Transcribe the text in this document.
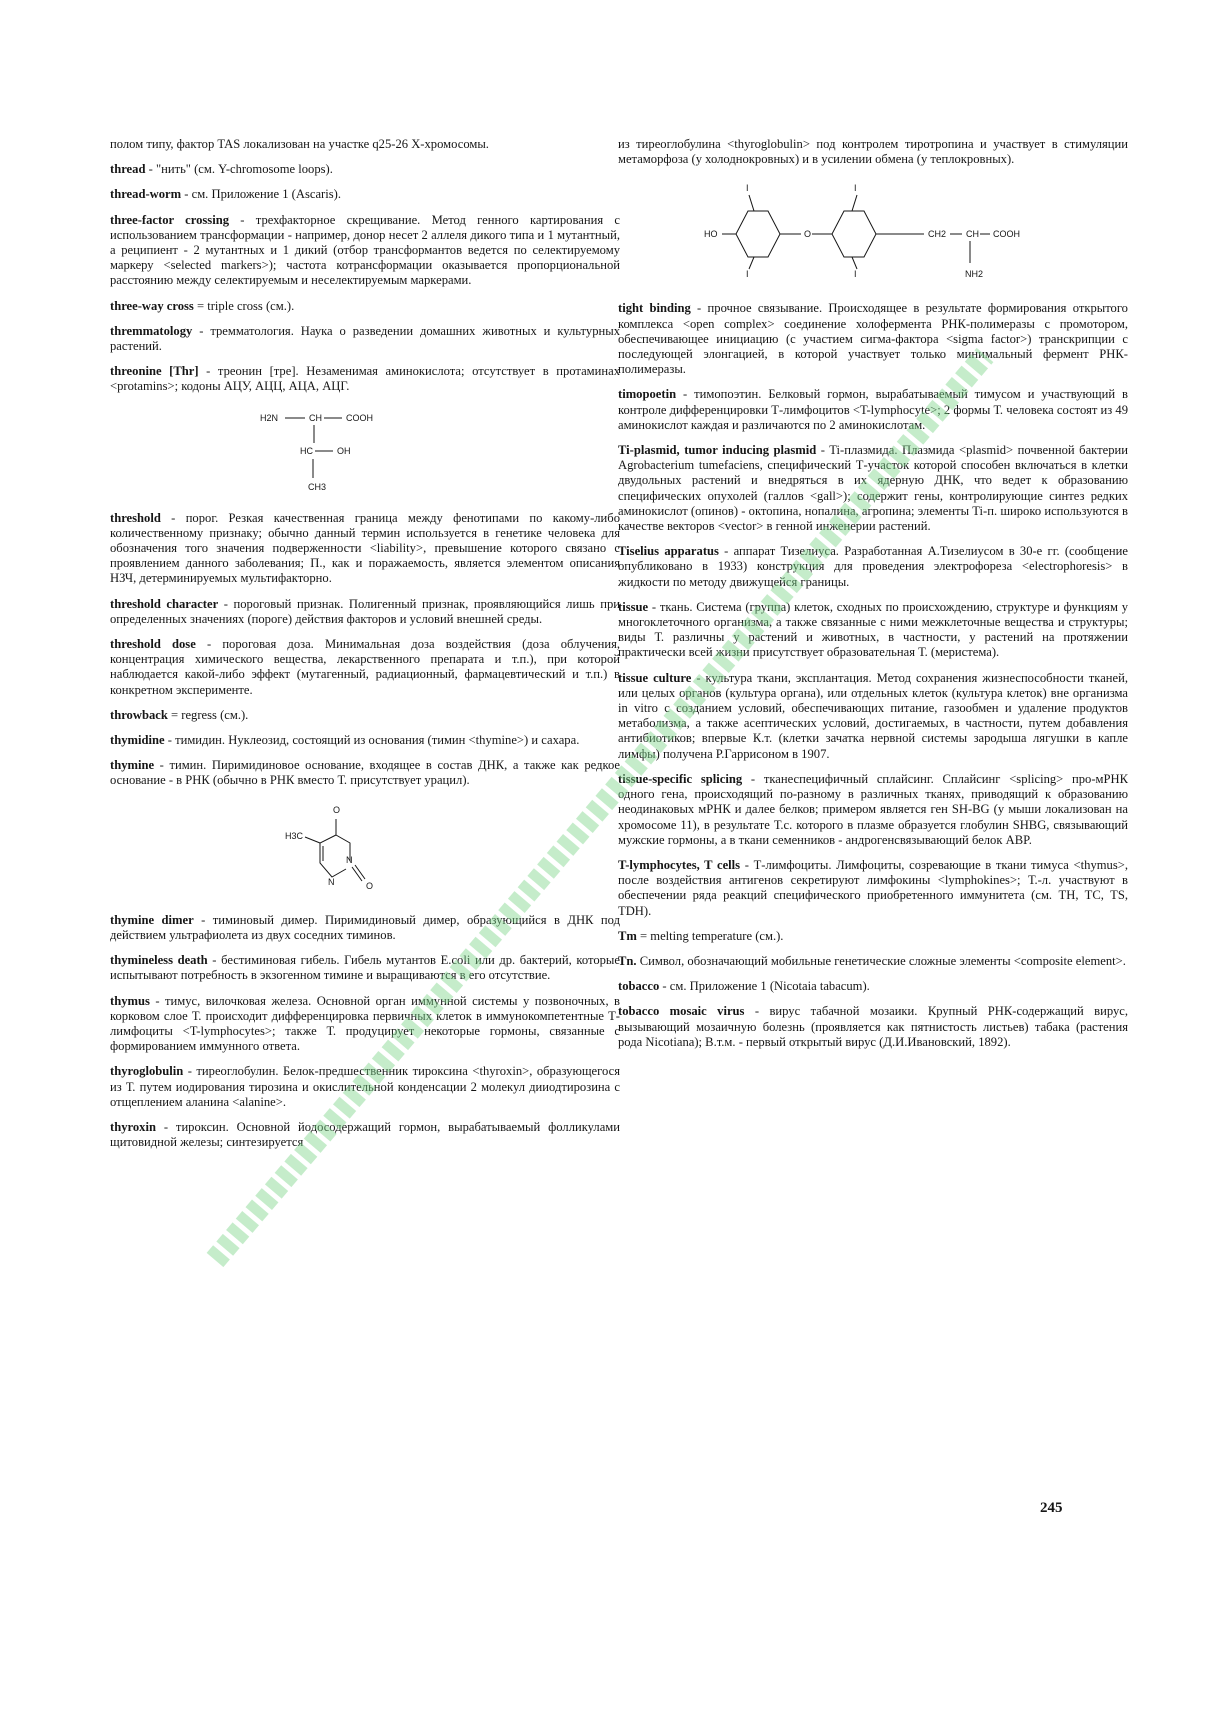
полом типу, фактор TAS локализован на участке q25-26 X-хромосомы.

thread - "нить" (см. Y-chromosome loops).

thread-worm - см. Приложение 1 (Ascaris).

three-factor crossing - трехфакторное скрещивание. Метод генного картирования с использованием трансформации - например, донор несет 2 аллеля дикого типа и 1 мутантный, а реципиент - 2 мутантных и 1 дикий (отбор трансформантов ведется по селектируемому маркеру <selected markers>); частота котрансформации оказывается пропорциональной расстоянию между селектируемым и неселектируемым маркерами.

three-way cross = triple cross (см.).

thremmatology - тремматология. Наука о разведении домашних животных и культурных растений.

threonine [Thr] - треонин [тре]. Незаменимая аминокислота; отсутствует в протаминах <protamins>; кодоны АЦУ, АЦЦ, АЦА, АЦГ.

H2N	CH	COOH
HC	OH
CH3

threshold - порог. Резкая качественная граница между фенотипами по какому-либо количественному признаку; обычно данный термин используется в генетике человека для обозначения того значения подверженности <liability>, превышение которого связано с проявлением данного заболевания; П., как и поражаемость, является элементом описания НЗЧ, детерминируемых мультифакторно.

threshold character - пороговый признак. Полигенный признак, проявляющийся лишь при определенных значениях (пороге) действия факторов и условий внешней среды.

threshold dose - пороговая доза. Минимальная доза воздействия (доза облучения, концентрация химического вещества, лекарственного препарата и т.п.), при которой наблюдается какой-либо эффект (мутагенный, радиационный, фармацевтический и т.п.) в конкретном эксперименте.

throwback = regress (см.).

thymidine - тимидин. Нуклеозид, состоящий из основания (тимин <thymine>) и сахара.

thymine - тимин. Пиримидиновое основание, входящее в состав ДНК, а также как редкое основание - в РНК (обычно в РНК вместо Т. присутствует урацил).

H3C
O
N
N	O

thymine dimer - тиминовый димер. Пиримидиновый димер, образующийся в ДНК под действием ультрафиолета из двух соседних тиминов.

thymineless death - бестиминовая гибель. Гибель мутантов E.coli или др. бактерий, которые испытывают потребность в экзогенном тимине и выращиваются в его отсутствие.

thymus - тимус, вилочковая железа. Основной орган иммунной системы у позвоночных, в корковом слое Т. происходит дифференцировка первичных клеток в иммунокомпетентные Т-лимфоциты <T-lymphocytes>; также Т. продуцирует некоторые гормоны, связанные с формированием иммунного ответа.

thyroglobulin - тиреоглобулин. Белок-предшественник тироксина <thyroxin>, образующегося из Т. путем иодирования тирозина и окислительной конденсации 2 молекул дииодтирозина с отщеплением аланина <alanine>.

thyroxin - тироксин. Основной йодосодержащий гормон, вырабатываемый фолликулами щитовидной железы; синтезируется

из тиреоглобулина <thyroglobulin> под контролем тиротропина и участвует в стимуляции метаморфоза (у холоднокровных) и в усилении обмена (у теплокровных).

HO
I
I
O
I
I
CH2 CH COOH
NH2

tight binding - прочное связывание. Происходящее в результате формирования открытого комплекса <open complex> соединение холофермента РНК-полимеразы с промотором, обеспечивающее инициацию (с участием сигма-фактора <sigma factor>) транскрипции с последующей элонгацией, в которой участвует только минимальный фермент РНК-полимеразы.

timopoetin - тимопоэтин. Белковый гормон, вырабатываемый тимусом и участвующий в контроле дифференцировки Т-лимфоцитов <T-lymphocyte>; 2 формы Т. человека состоят из 49 аминокислот каждая и различаются по 2 аминокислотам.

Ti-plasmid, tumor inducing plasmid - Ti-плазмида. Плазмида <plasmid> почвенной бактерии Agrobacterium tumefaciens, специфический Т-участок которой способен включаться в клетки двудольных растений и внедряться в их ядерную ДНК, что ведет к образованию специфических опухолей (галлов <gall>); содержит гены, контролирующие синтез редких аминокислот (опинов) - октопина, нопалина, агропина; элементы Ti-п. широко используются в качестве векторов <vector> в генной инженерии растений.

Tiselius apparatus - аппарат Тизелиуса. Разработанная А.Тизелиусом в 30-е гг. (сообщение опубликовано в 1933) конструкция для проведения электрофореза <electrophoresis> в жидкости по методу движущейся границы.

tissue - ткань. Система (группа) клеток, сходных по происхождению, структуре и функциям у многоклеточного организма, а также связанные с ними межклеточные вещества и структуры; виды Т. различны у растений и животных, в частности, у растений на протяжении практически всей жизни присутствует образовательная Т. (меристема).

tissue culture - культура ткани, эксплантация. Метод сохранения жизнеспособности тканей, или целых органов (культура органа), или отдельных клеток (культура клеток) вне организма in vitro с созданием условий, обеспечивающих питание, газообмен и удаление продуктов метаболизма, а также асептических условий, достигаемых, в частности, путем добавления антибиотиков; впервые К.т. (клетки зачатка нервной системы зародыша лягушки в капле лимфы) получена Р.Гаррисоном в 1907.

tissue-specific splicing - тканеспецифичный сплайсинг. Сплайсинг <splicing> про-мРНК одного гена, происходящий по-разному в различных тканях, приводящий к образованию неодинаковых мРНК и далее белков; примером является ген SH-BG (у мыши локализован на хромосоме 11), в результате Т.с. которого в плазме образуется глобулин SHBG, связывающий мужские гормоны, а в ткани семенников - андрогенсвязывающий белок ABP.

T-lymphocytes, T cells - Т-лимфоциты. Лимфоциты, созревающие в ткани тимуса <thymus>, после воздействия антигенов секретируют лимфокины <lymphokines>; Т.-л. участвуют в обеспечении ряда реакций специфического приобретенного иммунитета (см. TH, TC, TS, TDH).

Tm = melting temperature (см.).

Tn. Символ, обозначающий мобильные генетические сложные элементы <composite element>.

tobacco - см. Приложение 1 (Nicotaia tabacum).

tobacco mosaic virus - вирус табачной мозаики. Крупный РНК-содержащий вирус, вызывающий мозаичную болезнь (проявляется как пятнистость листьев) табака (растения рода Nicotiana); В.т.м. - первый открытый вирус (Д.И.Ивановский, 1892).

245
